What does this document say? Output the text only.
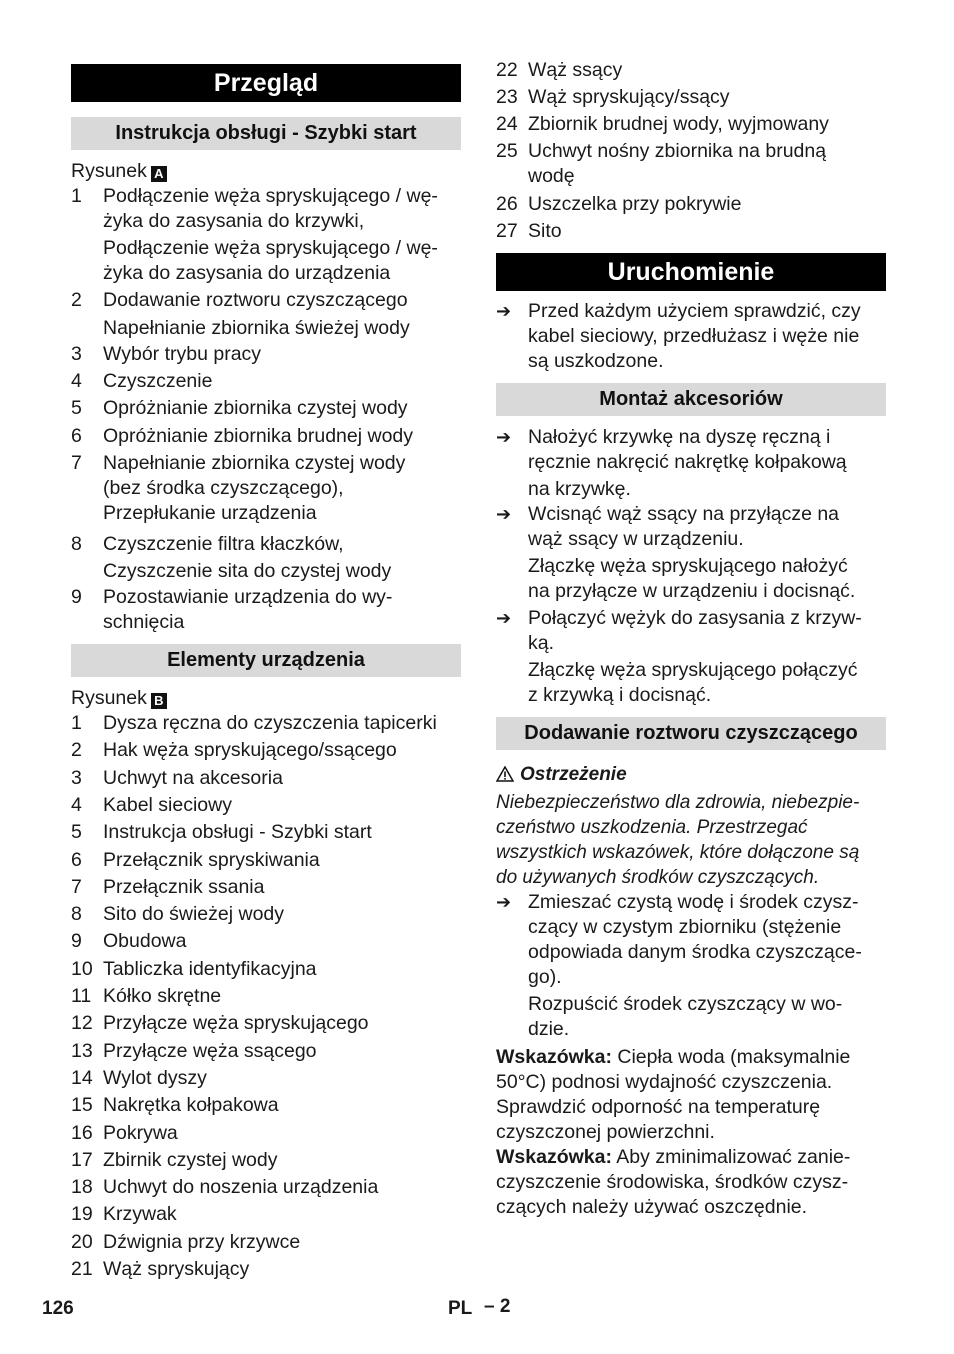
Przegląd
Instrukcja obsługi - Szybki start
Rysunek A
1 Podłączenie węża spryskującego / wę-
żyka do zasysania do krzywki,
Podłączenie węża spryskującego / wę-
żyka do zasysania do urządzenia
2 Dodawanie roztworu czyszczącego
Napełnianie zbiornika świeżej wody
3 Wybór trybu pracy
4 Czyszczenie
5 Opróżnianie zbiornika czystej wody
6 Opróżnianie zbiornika brudnej wody
7 Napełnianie zbiornika czystej wody
(bez środka czyszczącego),
Przepłukanie urządzenia
8 Czyszczenie filtra kłaczków,
Czyszczenie sita do czystej wody
9 Pozostawianie urządzenia do wy-
schnięcia
Elementy urządzenia
Rysunek B
1 Dysza ręczna do czyszczenia tapicerki
2 Hak węża spryskującego/ssącego
3 Uchwyt na akcesoria
4 Kabel sieciowy
5 Instrukcja obsługi - Szybki start
6 Przełącznik spryskiwania
7 Przełącznik ssania
8 Sito do świeżej wody
9 Obudowa
10 Tabliczka identyfikacyjna
11 Kółko skrętne
12 Przyłącze węża spryskującego
13 Przyłącze węża ssącego
14 Wylot dyszy
15 Nakrętka kołpakowa
16 Pokrywa
17 Zbirnik czystej wody
18 Uchwyt do noszenia urządzenia
19 Krzywak
20 Dźwignia przy krzywce
21 Wąż spryskujący
22 Wąż ssący
23 Wąż spryskujący/ssący
24 Zbiornik brudnej wody, wyjmowany
25 Uchwyt nośny zbiornika na brudną
wodę
26 Uszczelka przy pokrywie
27 Sito
Uruchomienie
➔ Przed każdym użyciem sprawdzić, czy
kabel sieciowy, przedłużasz i węże nie
są uszkodzone.
Montaż akcesoriów
➔ Nałożyć krzywkę na dyszę ręczną i
ręcznie nakręcić nakrętkę kołpakową
na krzywkę.
➔ Wcisnąć wąż ssący na przyłącze na
wąż ssący w urządzeniu.
Złączkę węża spryskującego nałożyć
na przyłącze w urządzeniu i docisnąć.
➔ Połączyć wężyk do zasysania z krzyw-
ką.
Złączkę węża spryskującego połączyć
z krzywką i docisnąć.
Dodawanie roztworu czyszczącego
Ostrzeżenie
Niebezpieczeństwo dla zdrowia, niebezpie-
czeństwo uszkodzenia. Przestrzegać
wszystkich wskazówek, które dołączone są
do używanych środków czyszczących.
➔ Zmieszać czystą wodę i środek czysz-
czący w czystym zbiorniku (stężenie
odpowiada danym środka czyszczące-
go).
Rozpuścić środek czyszczący w wo-
dzie.
Wskazówka: Ciepła woda (maksymalnie
50°C) podnosi wydajność czyszczenia.
Sprawdzić odporność na temperaturę
czyszczonej powierzchni.
Wskazówka: Aby zminimalizować zanie-
czyszczenie środowiska, środków czysz-
czących należy używać oszczędnie.
126	PL – 2
